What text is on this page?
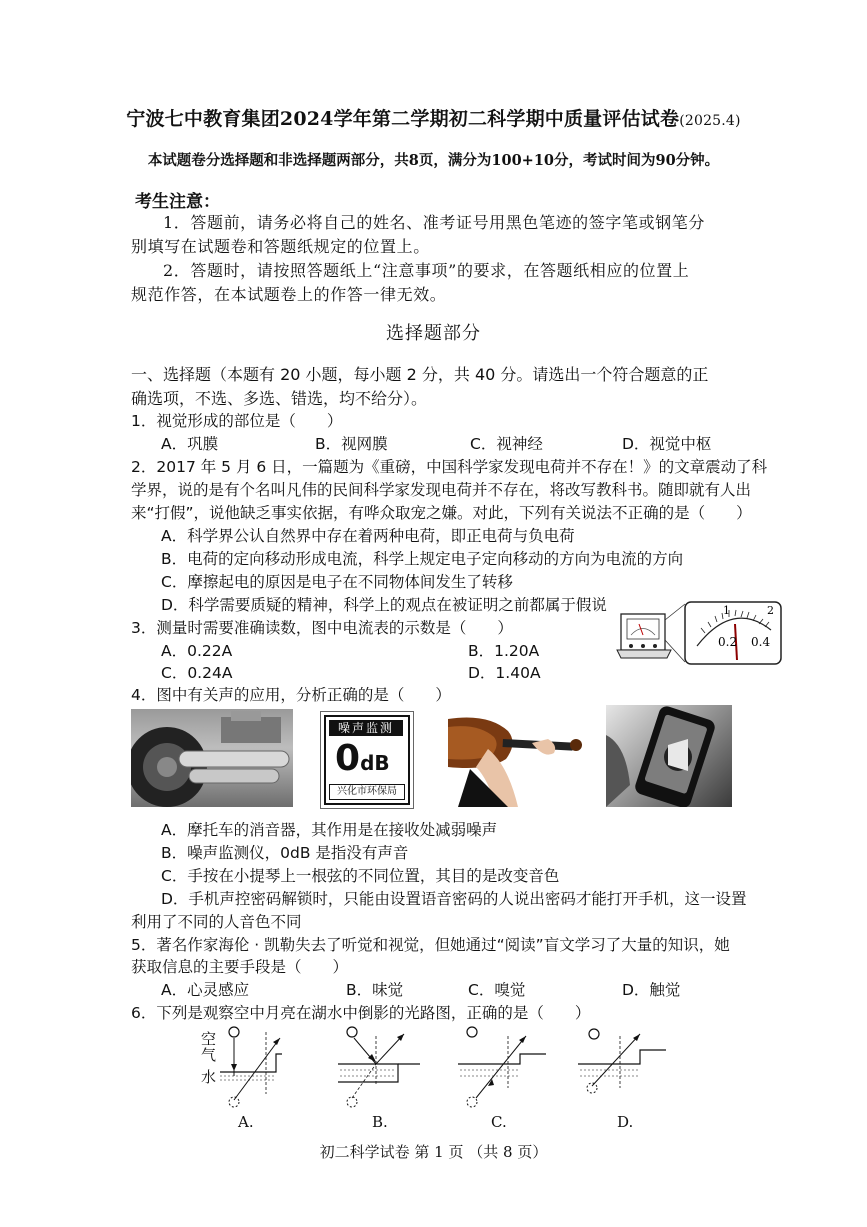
宁波七中教育集团2024学年第二学期初二科学期中质量评估试卷(2025.4)
本试题卷分选择题和非选择题两部分，共8页，满分为100+10分，考试时间为90分钟。
考生注意：
1．答题前，请务必将自己的姓名、准考证号用黑色笔迹的签字笔或钢笔分
别填写在试题卷和答题纸规定的位置上。
2．答题时，请按照答题纸上“注意事项”的要求，在答题纸相应的位置上
规范作答，在本试题卷上的作答一律无效。
选择题部分
一、选择题（本题有 20 小题，每小题 2 分，共 40 分。请选出一个符合题意的正
确选项，不选、多选、错选，均不给分）。
1．视觉形成的部位是（　　）
A．巩膜	B．视网膜	C．视神经	D．视觉中枢
2．2017 年 5 月 6 日，一篇题为《重磅，中国科学家发现电荷并不存在！》的文章震动了科
学界，说的是有个名叫凡伟的民间科学家发现电荷并不存在，将改写教科书。随即就有人出
来“打假”，说他缺乏事实依据，有哗众取宠之嫌。对此，下列有关说法不正确的是（　　）
A．科学界公认自然界中存在着两种电荷，即正电荷与负电荷
B．电荷的定向移动形成电流，科学上规定电子定向移动的方向为电流的方向
C．摩擦起电的原因是电子在不同物体间发生了转移
D．科学需要质疑的精神，科学上的观点在被证明之前都属于假说
3．测量时需要准确读数，图中电流表的示数是（　　）
A．0.22A	B．1.20A
C．0.24A	D．1.40A
0.2 0.4
1	2
4．图中有关声的应用，分析正确的是（　　）
噪声监测
0dB
兴化市环保局
A．摩托车的消音器，其作用是在接收处减弱噪声
B．噪声监测仪，0dB 是指没有声音
C．手按在小提琴上一根弦的不同位置，其目的是改变音色
D．手机声控密码解锁时，只能由设置语音密码的人说出密码才能打开手机，这一设置
利用了不同的人音色不同
5．著名作家海伦 · 凯勒失去了听觉和视觉，但她通过“阅读”盲文学习了大量的知识，她
获取信息的主要手段是（　　）
A．心灵感应	B．味觉	C．嗅觉	D．触觉
6．下列是观察空中月亮在湖水中倒影的光路图，正确的是（　　）
空
气
水
A.	B.	C.	D.
初二科学试卷 第 1 页 （共 8 页）
